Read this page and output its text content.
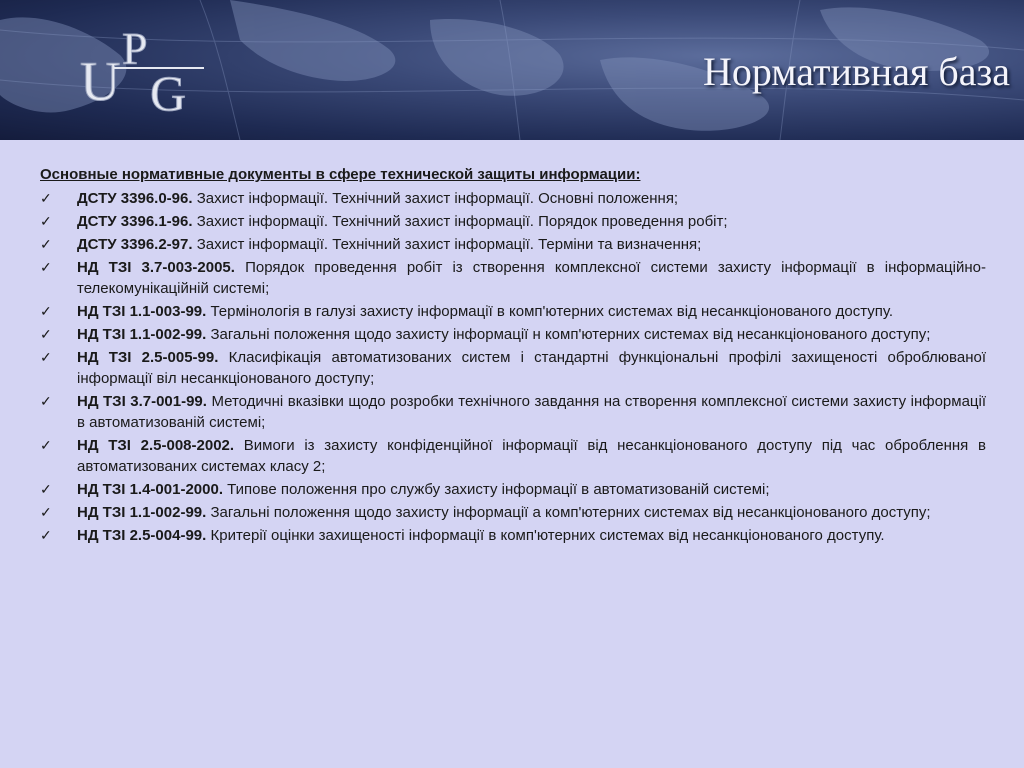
U
P
G	Нормативная база
Основные нормативные документы в сфере технической защиты информации:
✓ ДСТУ 3396.0-96. Захист інформації. Технічний захист інформації. Основні положення;
✓ ДСТУ 3396.1-96. Захист інформації. Технічний захист інформації. Порядок проведення робіт;
✓ ДСТУ 3396.2-97. Захист інформації. Технічний захист інформації. Терміни та визначення;
✓ НД ТЗІ 3.7-003-2005. Порядок проведення робіт із створення комплексної системи захисту інформації в інформаційно-телекомунікаційній системі;
✓ НД ТЗІ 1.1-003-99. Термінологія в галузі захисту інформації в комп'ютерних системах від несанкціонованого доступу.
✓ НД ТЗІ 1.1-002-99. Загальні положення щодо захисту інформації н комп'ютерних системах від несанкціонованого доступу;
✓ НД ТЗІ 2.5-005-99. Класифікація автоматизованих систем і стандартні функціональні профілі захищеності оброблюваної інформації віл несанкціонованого доступу;
✓ НД ТЗІ 3.7-001-99. Методичні вказівки щодо розробки технічного завдання на створення комплексної системи захисту інформації в автоматизованій системі;
✓ НД ТЗІ 2.5-008-2002. Вимоги із захисту конфіденційної інформації від несанкціонованого доступу під час оброблення в автоматизованих системах класу 2;
✓ НД ТЗІ 1.4-001-2000. Типове положення про службу захисту інформації в автоматизованій системі;
✓ НД ТЗІ 1.1-002-99. Загальні положення щодо захисту інформації а комп'ютерних системах від несанкціонованого доступу;
✓ НД ТЗІ 2.5-004-99. Критерії оцінки захищеності інформації в комп'ютерних системах від несанкціонованого доступу.
